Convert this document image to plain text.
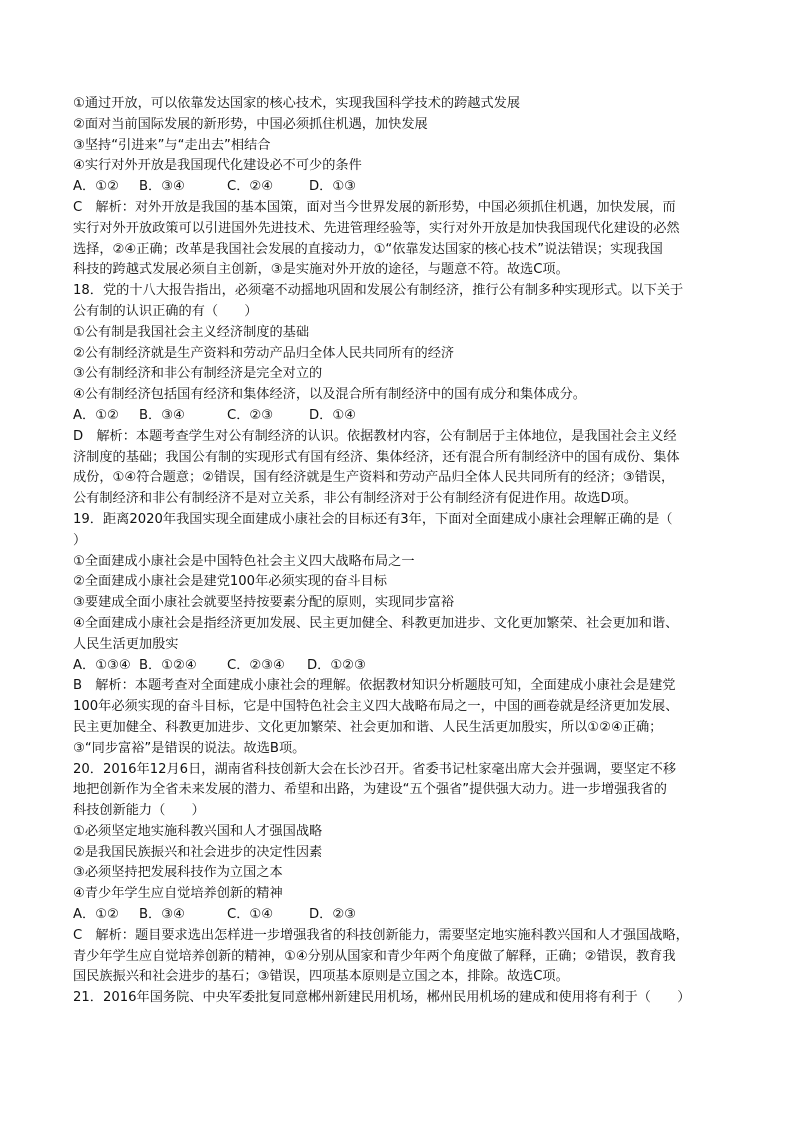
①通过开放，可以依靠发达国家的核心技术，实现我国科学技术的跨越式发展
②面对当前国际发展的新形势，中国必须抓住机遇，加快发展
③坚持“引进来”与“走出去”相结合
④实行对外开放是我国现代化建设必不可少的条件
A．①②	B．③④	C．②④	D．①③
C　解析：对外开放是我国的基本国策，面对当今世界发展的新形势，中国必须抓住机遇，加快发展，而
实行对外开放政策可以引进国外先进技术、先进管理经验等，实行对外开放是加快我国现代化建设的必然
选择，②④正确；改革是我国社会发展的直接动力，①“依靠发达国家的核心技术”说法错误；实现我国
科技的跨越式发展必须自主创新，③是实施对外开放的途径，与题意不符。故选C项。
18．党的十八大报告指出，必须毫不动摇地巩固和发展公有制经济，推行公有制多种实现形式。以下关于
公有制的认识正确的有（　　）
①公有制是我国社会主义经济制度的基础
②公有制经济就是生产资料和劳动产品归全体人民共同所有的经济
③公有制经济和非公有制经济是完全对立的
④公有制经济包括国有经济和集体经济，以及混合所有制经济中的国有成分和集体成分。
A．①②	B．③④	C．②③	D．①④
D　解析：本题考查学生对公有制经济的认识。依据教材内容，公有制居于主体地位，是我国社会主义经
济制度的基础；我国公有制的实现形式有国有经济、集体经济，还有混合所有制经济中的国有成份、集体
成份，①④符合题意；②错误，国有经济就是生产资料和劳动产品归全体人民共同所有的经济；③错误，
公有制经济和非公有制经济不是对立关系，非公有制经济对于公有制经济有促进作用。故选D项。
19．距离2020年我国实现全面建成小康社会的目标还有3年，下面对全面建成小康社会理解正确的是（
）
①全面建成小康社会是中国特色社会主义四大战略布局之一
②全面建成小康社会是建党100年必须实现的奋斗目标
③要建成全面小康社会就要坚持按要素分配的原则，实现同步富裕
④全面建成小康社会是指经济更加发展、民主更加健全、科教更加进步、文化更加繁荣、社会更加和谐、
人民生活更加殷实
A．①③④ B．①②④	C．②③④	D．①②③
B　解析：本题考查对全面建成小康社会的理解。依据教材知识分析题肢可知，全面建成小康社会是建党
100年必须实现的奋斗目标，它是中国特色社会主义四大战略布局之一，中国的画卷就是经济更加发展、
民主更加健全、科教更加进步、文化更加繁荣、社会更加和谐、人民生活更加殷实，所以①②④正确；
③“同步富裕”是错误的说法。故选B项。
20．2016年12月6日，湖南省科技创新大会在长沙召开。省委书记杜家毫出席大会并强调，要坚定不移
地把创新作为全省未来发展的潜力、希望和出路，为建设“五个强省”提供强大动力。进一步增强我省的
科技创新能力（　　）
①必须坚定地实施科教兴国和人才强国战略
②是我国民族振兴和社会进步的决定性因素
③必须坚持把发展科技作为立国之本
④青少年学生应自觉培养创新的精神
A．①②	B．③④	C．①④	D．②③
C　解析：题目要求选出怎样进一步增强我省的科技创新能力，需要坚定地实施科教兴国和人才强国战略，
青少年学生应自觉培养创新的精神，①④分别从国家和青少年两个角度做了解释，正确；②错误，教育我
国民族振兴和社会进步的基石；③错误，四项基本原则是立国之本，排除。故选C项。
21．2016年国务院、中央军委批复同意郴州新建民用机场，郴州民用机场的建成和使用将有利于（　　）
